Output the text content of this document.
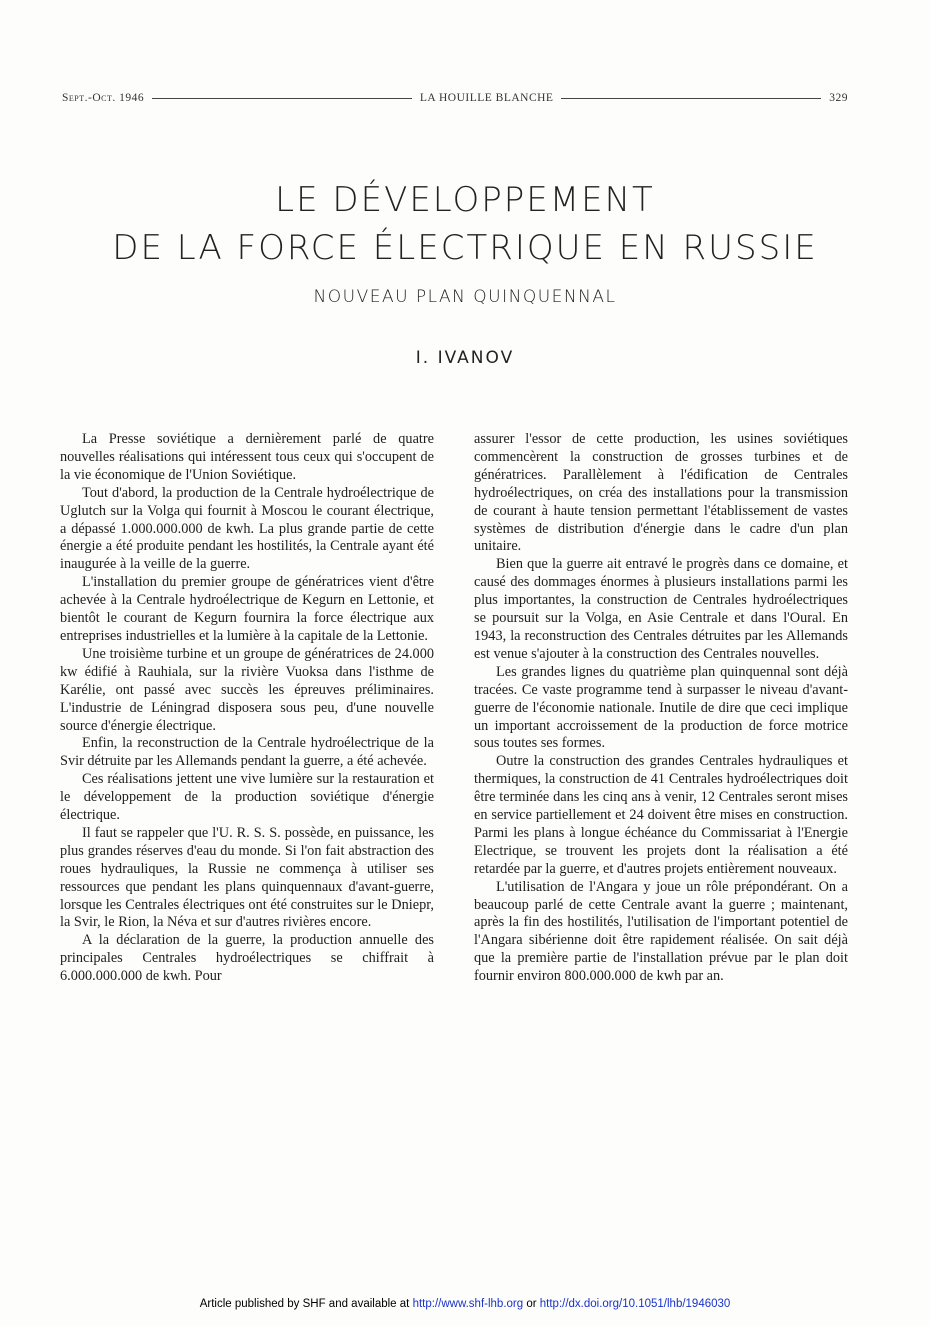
Sept.-Oct. 1946	LA HOUILLE BLANCHE	329
LE DÉVELOPPEMENT
DE LA FORCE ÉLECTRIQUE EN RUSSIE
NOUVEAU PLAN QUINQUENNAL
I. IVANOV

La Presse soviétique a dernièrement parlé de quatre nouvelles réalisations qui intéressent tous ceux qui s'occupent de la vie économique de l'Union Soviétique.

Tout d'abord, la production de la Centrale hydroélectrique de Uglutch sur la Volga qui fournit à Moscou le courant électrique, a dépassé 1.000.000.000 de kwh. La plus grande partie de cette énergie a été produite pendant les hostilités, la Centrale ayant été inaugurée à la veille de la guerre.

L'installation du premier groupe de génératrices vient d'être achevée à la Centrale hydroélectrique de Kegurn en Lettonie, et bientôt le courant de Kegurn fournira la force électrique aux entreprises industrielles et la lumière à la capitale de la Lettonie.

Une troisième turbine et un groupe de génératrices de 24.000 kw édifié à Rauhiala, sur la rivière Vuoksa dans l'isthme de Karélie, ont passé avec succès les épreuves préliminaires. L'industrie de Léningrad disposera sous peu, d'une nouvelle source d'énergie électrique.

Enfin, la reconstruction de la Centrale hydroélectrique de la Svir détruite par les Allemands pendant la guerre, a été achevée.

Ces réalisations jettent une vive lumière sur la restauration et le développement de la production soviétique d'énergie électrique.

Il faut se rappeler que l'U. R. S. S. possède, en puissance, les plus grandes réserves d'eau du monde. Si l'on fait abstraction des roues hydrauliques, la Russie ne commença à utiliser ses ressources que pendant les plans quinquennaux d'avant-guerre, lorsque les Centrales électriques ont été construites sur le Dniepr, la Svir, le Rion, la Néva et sur d'autres rivières encore.

A la déclaration de la guerre, la production annuelle des principales Centrales hydroélectriques se chiffrait à 6.000.000.000 de kwh. Pour

assurer l'essor de cette production, les usines soviétiques commencèrent la construction de grosses turbines et de génératrices. Parallèlement à l'édification de Centrales hydroélectriques, on créa des installations pour la transmission de courant à haute tension permettant l'établissement de vastes systèmes de distribution d'énergie dans le cadre d'un plan unitaire.

Bien que la guerre ait entravé le progrès dans ce domaine, et causé des dommages énormes à plusieurs installations parmi les plus importantes, la construction de Centrales hydroélectriques se poursuit sur la Volga, en Asie Centrale et dans l'Oural. En 1943, la reconstruction des Centrales détruites par les Allemands est venue s'ajouter à la construction des Centrales nouvelles.

Les grandes lignes du quatrième plan quinquennal sont déjà tracées. Ce vaste programme tend à surpasser le niveau d'avant-guerre de l'économie nationale. Inutile de dire que ceci implique un important accroissement de la production de force motrice sous toutes ses formes.

Outre la construction des grandes Centrales hydrauliques et thermiques, la construction de 41 Centrales hydroélectriques doit être terminée dans les cinq ans à venir, 12 Centrales seront mises en service partiellement et 24 doivent être mises en construction. Parmi les plans à longue échéance du Commissariat à l'Energie Electrique, se trouvent les projets dont la réalisation a été retardée par la guerre, et d'autres projets entièrement nouveaux.

L'utilisation de l'Angara y joue un rôle prépondérant. On a beaucoup parlé de cette Centrale avant la guerre ; maintenant, après la fin des hostilités, l'utilisation de l'important potentiel de l'Angara sibérienne doit être rapidement réalisée. On sait déjà que la première partie de l'installation prévue par le plan doit fournir environ 800.000.000 de kwh par an.

Article published by SHF and available at http://www.shf-lhb.org or http://dx.doi.org/10.1051/lhb/1946030
